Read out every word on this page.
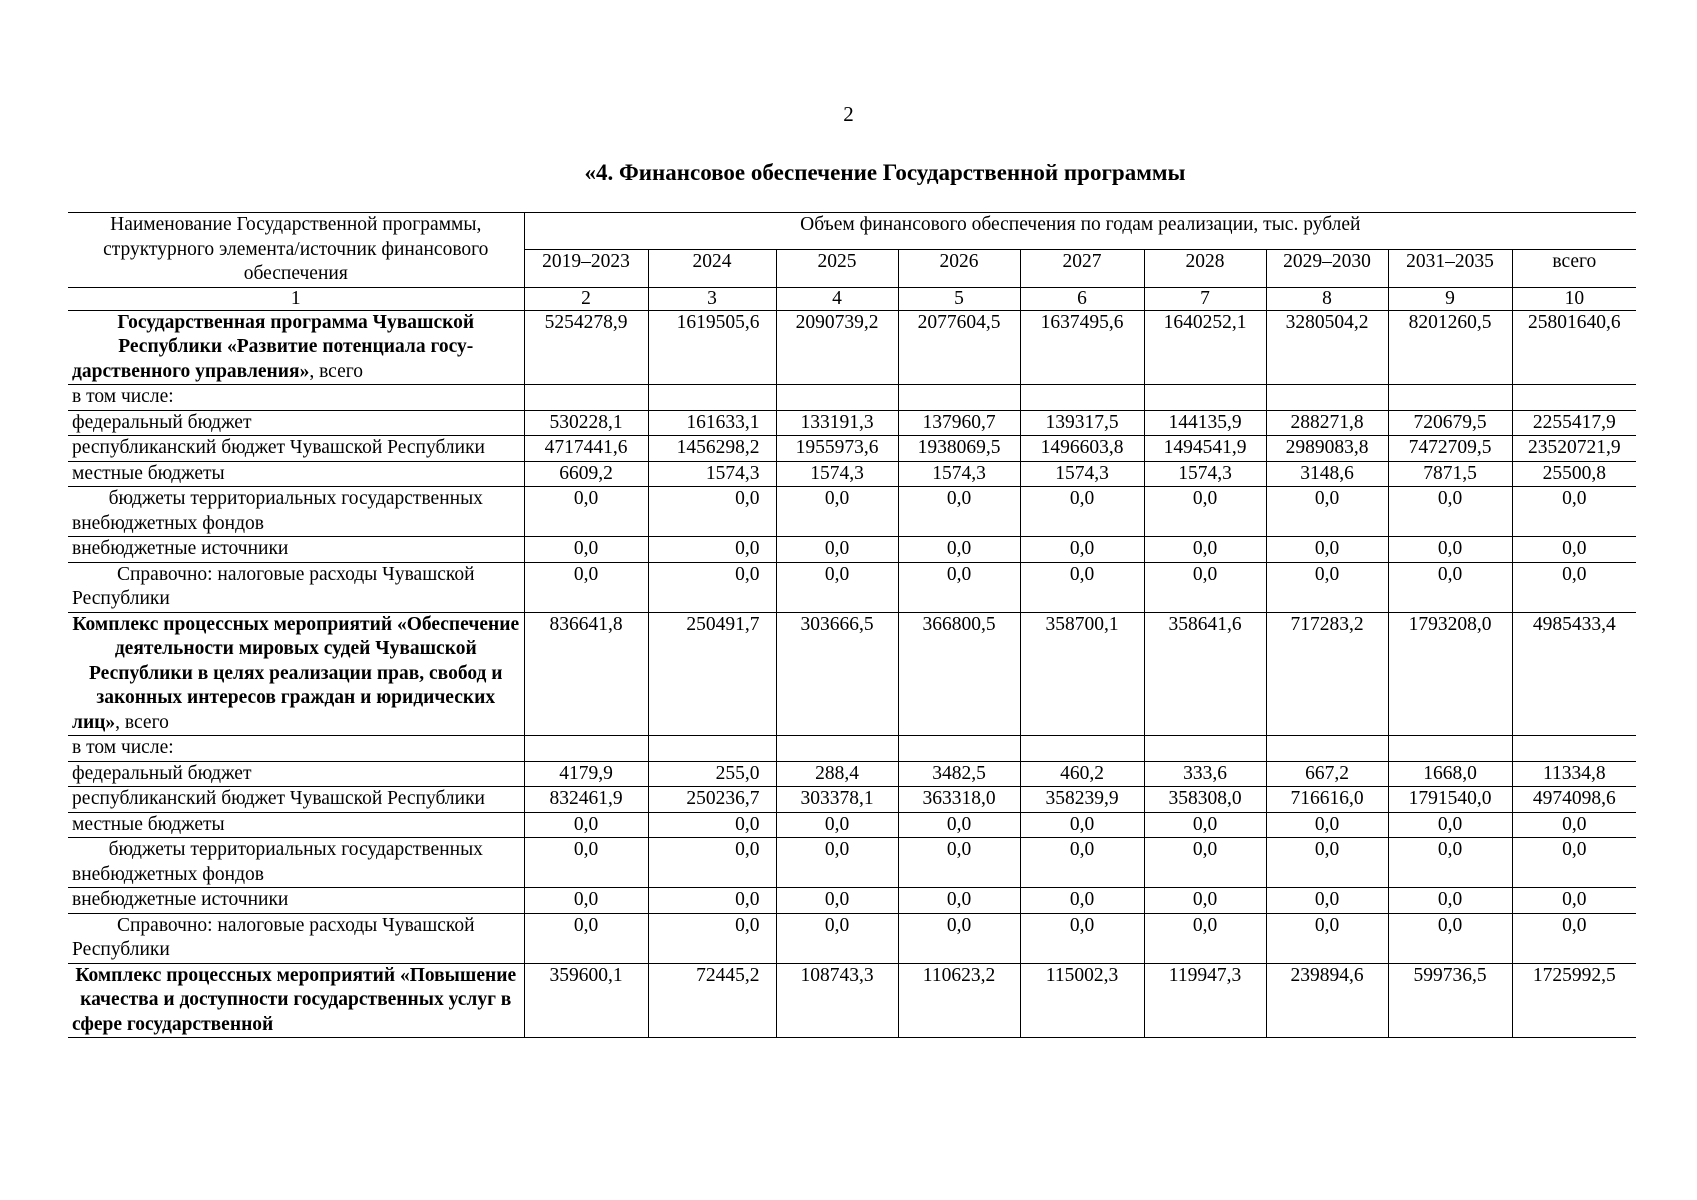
2
«4. Финансовое обеспечение Государственной программы
Наименование Государственной программы, структурного элемента/источник финансового обеспечения	Объем финансового обеспечения по годам реализации, тыс. рублей								
	2019–2023	2024	2025	2026	2027	2028	2029–2030	2031–2035	всего
1	2	3	4	5	6	7	8	9	10
Государственная программа Чувашской Республики «Развитие потенциала государственного управления», всего	5254278,9	1619505,6	2090739,2	2077604,5	1637495,6	1640252,1	3280504,2	8201260,5	25801640,6
в том числе:									
федеральный бюджет	530228,1	161633,1	133191,3	137960,7	139317,5	144135,9	288271,8	720679,5	2255417,9
республиканский бюджет Чувашской Республики	4717441,6	1456298,2	1955973,6	1938069,5	1496603,8	1494541,9	2989083,8	7472709,5	23520721,9
местные бюджеты	6609,2	1574,3	1574,3	1574,3	1574,3	1574,3	3148,6	7871,5	25500,8
бюджеты территориальных государственных внебюджетных фондов	0,0	0,0	0,0	0,0	0,0	0,0	0,0	0,0	0,0
внебюджетные источники	0,0	0,0	0,0	0,0	0,0	0,0	0,0	0,0	0,0
Справочно: налоговые расходы Чувашской Республики	0,0	0,0	0,0	0,0	0,0	0,0	0,0	0,0	0,0
Комплекс процессных мероприятий «Обеспечение деятельности мировых судей Чувашской Республики в целях реализации прав, свобод и законных интересов граждан и юридических лиц», всего	836641,8	250491,7	303666,5	366800,5	358700,1	358641,6	717283,2	1793208,0	4985433,4
в том числе:									
федеральный бюджет	4179,9	255,0	288,4	3482,5	460,2	333,6	667,2	1668,0	11334,8
республиканский бюджет Чувашской Республики	832461,9	250236,7	303378,1	363318,0	358239,9	358308,0	716616,0	1791540,0	4974098,6
местные бюджеты	0,0	0,0	0,0	0,0	0,0	0,0	0,0	0,0	0,0
бюджеты территориальных государственных внебюджетных фондов	0,0	0,0	0,0	0,0	0,0	0,0	0,0	0,0	0,0
внебюджетные источники	0,0	0,0	0,0	0,0	0,0	0,0	0,0	0,0	0,0
Справочно: налоговые расходы Чувашской Республики	0,0	0,0	0,0	0,0	0,0	0,0	0,0	0,0	0,0
Комплекс процессных мероприятий «Повышение качества и доступности государственных услуг в сфере государственной	359600,1	72445,2	108743,3	110623,2	115002,3	119947,3	239894,6	599736,5	1725992,5
